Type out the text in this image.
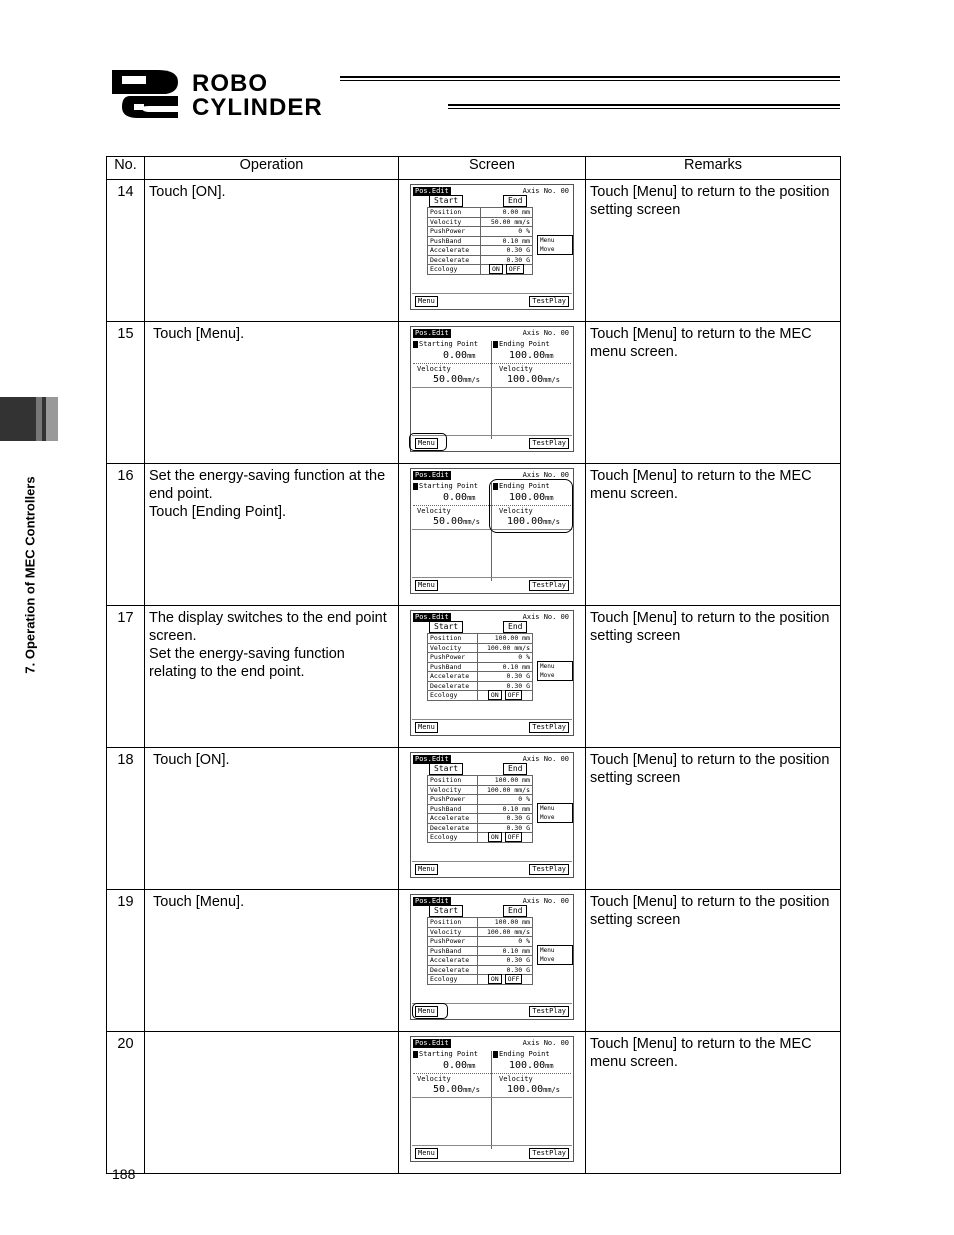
ROBO
CYLINDER
7. Operation of MEC Controllers
No.	Operation	Screen	Remarks
14	Touch [ON].	Pos.Edit	Axis No. 00
Start	End
Position	0.00 mm
Velocity	50.00 mm/s
PushPower	0 %
PushBand	0.10 mm
Accelerate	0.30 G
Decelerate	0.30 G
Ecology	ON OFF
Menu Move
Menu	TestPlay
	Touch [Menu] to return to the position setting screen
15	Touch [Menu].	Pos.Edit	Axis No. 00
Starting Point	Ending Point
0.00mm	100.00mm
Velocity	Velocity
50.00mm/s	100.00mm/s
Menu	TestPlay
	Touch [Menu] to return to the MEC menu screen.
16	Set the energy-saving function at the end point.
Touch [Ending Point].	
Pos.Edit	Axis No. 00
Starting Point	Ending Point
0.00mm	100.00mm
Velocity	Velocity
50.00mm/s	100.00mm/s
Menu	TestPlay
	Touch [Menu] to return to the MEC menu screen.
17	The display switches to the end point screen.
Set the energy-saving function relating to the end point.	
Pos.Edit	Axis No. 00
Start	End
Position	100.00 mm
Velocity	100.00 mm/s
PushPower	0 %
PushBand	0.10 mm
Accelerate	0.30 G
Decelerate	0.30 G
Ecology	ON OFF
Menu Move
Menu	TestPlay
	Touch [Menu] to return to the position setting screen
18	Touch [ON].	Pos.Edit	Axis No. 00
Start	End
Position	100.00 mm
Velocity	100.00 mm/s
PushPower	0 %
PushBand	0.10 mm
Accelerate	0.30 G
Decelerate	0.30 G
Ecology	ON OFF
Menu Move
Menu	TestPlay
	Touch [Menu] to return to the position setting screen
19	Touch [Menu].	Pos.Edit	Axis No. 00
Start	End
Position	100.00 mm
Velocity	100.00 mm/s
PushPower	0 %
PushBand	0.10 mm
Accelerate	0.30 G
Decelerate	0.30 G
Ecology	ON OFF
Menu Move
Menu	TestPlay
	Touch [Menu] to return to the position setting screen
20		Pos.Edit	Axis No. 00
Starting Point	Ending Point
0.00mm	100.00mm
Velocity	Velocity
50.00mm/s	100.00mm/s
Menu	TestPlay
	Touch [Menu] to return to the MEC menu screen.
188
